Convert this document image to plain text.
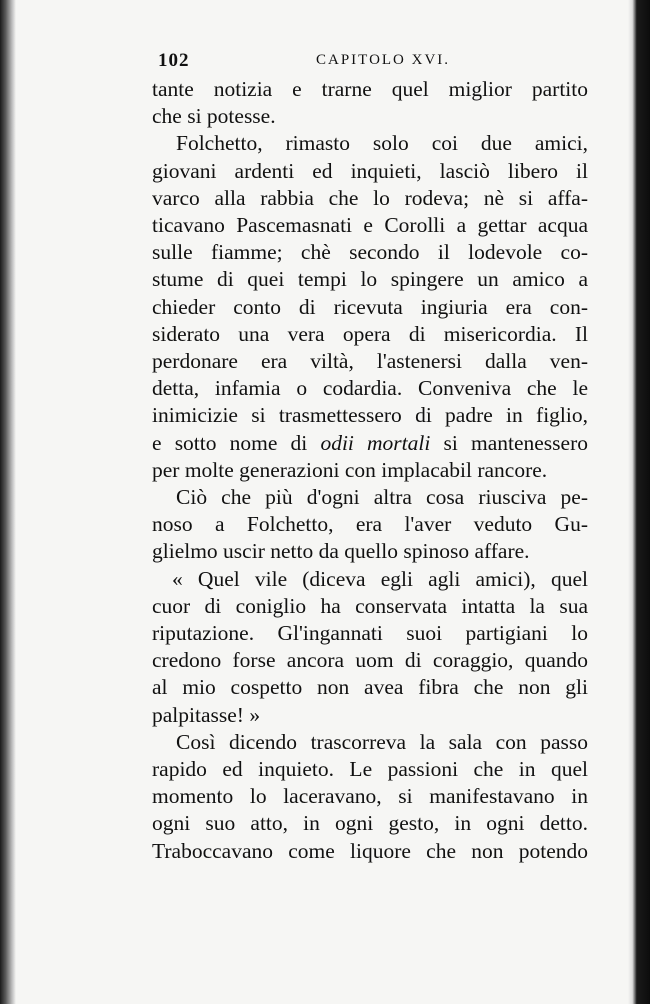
102	CAPITOLO XVI.
tante notizia e trarne quel miglior partito
che si potesse.
Folchetto, rimasto solo coi due amici,
giovani ardenti ed inquieti, lasciò libero il
varco alla rabbia che lo rodeva; nè si affa-
ticavano Pascemasnati e Corolli a gettar acqua
sulle fiamme; chè secondo il lodevole co-
stume di quei tempi lo spingere un amico a
chieder conto di ricevuta ingiuria era con-
siderato una vera opera di misericordia. Il
perdonare era viltà, l'astenersi dalla ven-
detta, infamia o codardia. Conveniva che le
inimicizie si trasmettessero di padre in figlio,
e sotto nome di odii mortali si mantenessero
per molte generazioni con implacabil rancore.
Ciò che più d'ogni altra cosa riusciva pe-
noso a Folchetto, era l'aver veduto Gu-
glielmo uscir netto da quello spinoso affare.
« Quel vile (diceva egli agli amici), quel
cuor di coniglio ha conservata intatta la sua
riputazione. Gl'ingannati suoi partigiani lo
credono forse ancora uom di coraggio, quando
al mio cospetto non avea fibra che non gli
palpitasse! »
Così dicendo trascorreva la sala con passo
rapido ed inquieto. Le passioni che in quel
momento lo laceravano, si manifestavano in
ogni suo atto, in ogni gesto, in ogni detto.
Traboccavano come liquore che non potendo
